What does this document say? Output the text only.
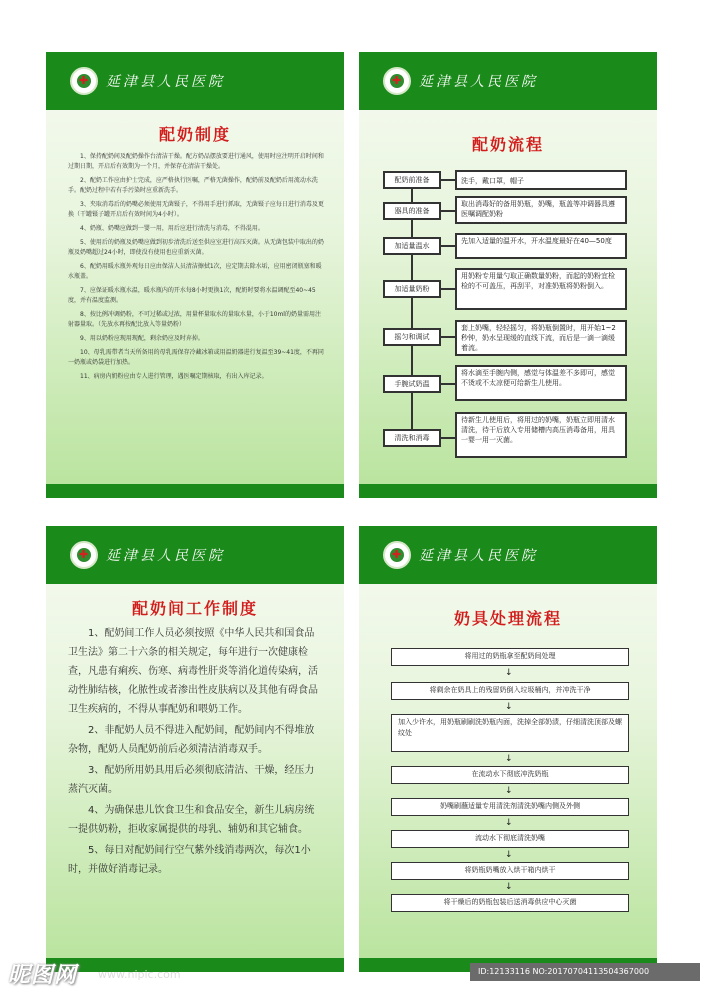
✚
延津县人民医院
配奶制度

1、保持配奶间及配奶操作台清洁干燥。配方奶品摆放要进行通风，使用时应注明开启时间和过期日期，开启后有效期为一个月，并保存在清洁干燥处。

2、配奶工作应由护士完成，应严格执行医嘱，严格无菌操作，配奶前及配奶后用流动水洗手。配奶过程中若有手污染时应重新洗手。

3、夹取消毒后的奶嘴必须使用无菌镊子，不得用手进行抓取，无菌镊子应每日进行消毒及更换（干罐镊子罐开启后有效时间为4小时）。

4、奶瓶、奶嘴应做到一婴一用，用后应进行清洗与消毒，不得混用。

5、使用后的奶瓶及奶嘴应做到初步清洗后送至供应室进行高压灭菌。从无菌包装中取出的奶瓶及奶嘴超过24小时，即使没有使用也应重新灭菌。

6、配奶用暖水瓶外观每日应由保洁人员清洁擦拭1次，应定期去除水垢，应用密闭瓶塞和暖水瓶盖。

7、应保证暖水瓶水温，暖水瓶内的开水每8小时更换1次，配奶时要将水温调配至40~45度，并有温度监测。

8、按比例冲调奶粉，不可过稀或过浓，用量杯量取水的量取水量，小于10ml的奶量需用注射器量取。（先放水再按配比放入等量奶粉）

9、用以奶粉应现用现配，剩余奶应及时弃掉。

10、母乳需带者当天所备用的母乳需保存冷藏冰箱或用温奶器进行复温至39~41度，不再同一奶瓶或奶袋进行加热。

11、病房内奶粉应由专人进行管理，遇医嘱定期核取，有出入库记录。

✚
延津县人民医院
配奶流程
配奶前准备	洗手，戴口罩，帽子
器具的准备
取出消毒好的备用奶瓶，奶嘴，瓶盖等冲调器具遵医嘱调配奶粉
加适量温水
先加入适量的温开水，开水温度最好在40—50度
加适量奶粉
用奶粉专用量勺取正确数量奶粉，而起的奶粉宜检检的不可盖压，再刮平，对准奶瓶将奶粉倒入。
摇匀和调试
套上奶嘴，轻轻摇匀，将奶瓶倒置时，用开始1~2秒钟，奶水呈现缓的直线下流，而后是一滴一滴缓着流。
手腕试奶温
将水滴至手腕内侧，感觉与体温差不多即可，感觉不烫或不太凉便可给新生儿使用。
清洗和消毒
待新生儿使用后，将用过的奶嘴，奶瓶立即用清水清洗，待干后放入专用储槽内高压消毒备用，用具一婴一用一灭菌。
✚
延津县人民医院
配奶间工作制度

1、配奶间工作人员必须按照《中华人民共和国食品卫生法》第二十六条的相关规定，每年进行一次健康检查，凡患有痢疾、伤寒、病毒性肝炎等消化道传染病，活动性肺结核，化脓性或者渗出性皮肤病以及其他有碍食品卫生疾病的，不得从事配奶和喂奶工作。

2、非配奶人员不得进入配奶间，配奶间内不得堆放杂物，配奶人员配奶前后必须清洁消毒双手。

3、配奶所用奶具用后必须彻底清洁、干燥，经压力蒸汽灭菌。

4、为确保患儿饮食卫生和食品安全，新生儿病房统一提供奶粉，拒收家属提供的母乳、辅奶和其它辅食。

5、每日对配奶间行空气紫外线消毒两次，每次1小时，并做好消毒记录。

✚
延津县人民医院
奶具处理流程
将用过的奶瓶拿至配奶间处理
↓
将剩余在奶具上的残留奶倒入垃圾桶内，并冲洗干净
↓
加入少许水，用奶瓶刷刷洗奶瓶内面，洗掉全部奶渍，仔细清洗顶部及螺纹处
↓
在流动水下彻底冲洗奶瓶
↓
奶嘴刷蘸适量专用清洗剂清洗奶嘴内侧及外侧
↓
流动水下彻底清洗奶嘴
↓
将奶瓶奶嘴放入烘干箱内烘干
↓
将干燥后的奶瓶包装后送消毒供应中心灭菌
昵图网 www.nipic.com	ID:12133116 NO:20170704113504367000
